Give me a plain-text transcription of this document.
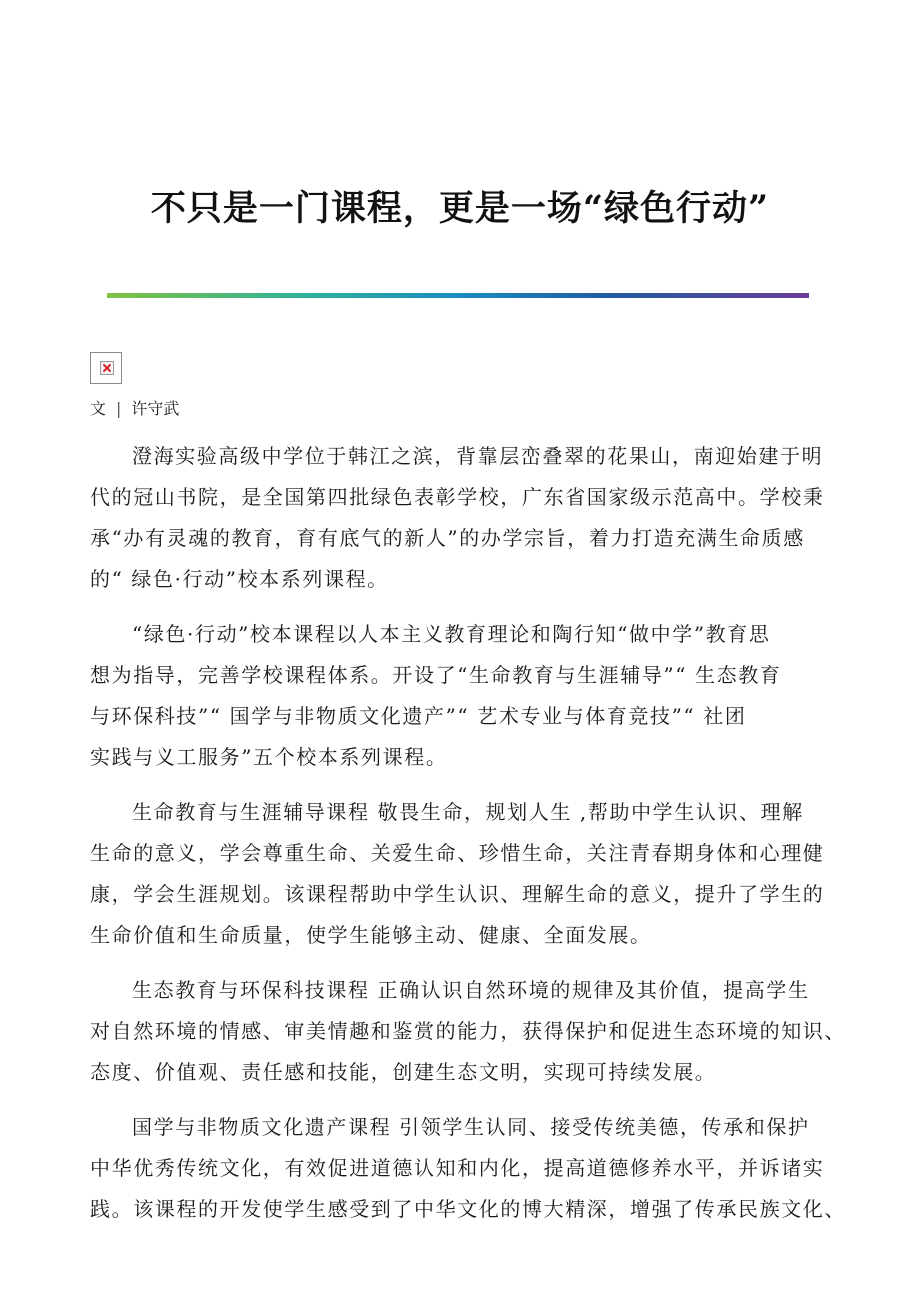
不只是一门课程，更是一场“绿色行动”
文 | 许守武
澄海实验高级中学位于韩江之滨，背靠层峦叠翠的花果山，南迎始建于明
代的冠山书院，是全国第四批绿色表彰学校，广东省国家级示范高中。学校秉
承“办有灵魂的教育，育有底气的新人”的办学宗旨，着力打造充满生命质感
的“ 绿色·行动”校本系列课程。
“绿色·行动”校本课程以人本主义教育理论和陶行知“做中学”教育思
想为指导，完善学校课程体系。开设了“生命教育与生涯辅导”“ 生态教育
与环保科技”“ 国学与非物质文化遗产”“ 艺术专业与体育竞技”“ 社团
实践与义工服务”五个校本系列课程。
生命教育与生涯辅导课程 敬畏生命，规划人生 ,帮助中学生认识、理解
生命的意义，学会尊重生命、关爱生命、珍惜生命，关注青春期身体和心理健
康，学会生涯规划。该课程帮助中学生认识、理解生命的意义，提升了学生的
生命价值和生命质量，使学生能够主动、健康、全面发展。
生态教育与环保科技课程 正确认识自然环境的规律及其价值，提高学生
对自然环境的情感、审美情趣和鉴赏的能力，获得保护和促进生态环境的知识、
态度、价值观、责任感和技能，创建生态文明，实现可持续发展。
国学与非物质文化遗产课程 引领学生认同、接受传统美德，传承和保护
中华优秀传统文化，有效促进道德认知和内化，提高道德修养水平，并诉诸实
践。该课程的开发使学生感受到了中华文化的博大精深，增强了传承民族文化、
